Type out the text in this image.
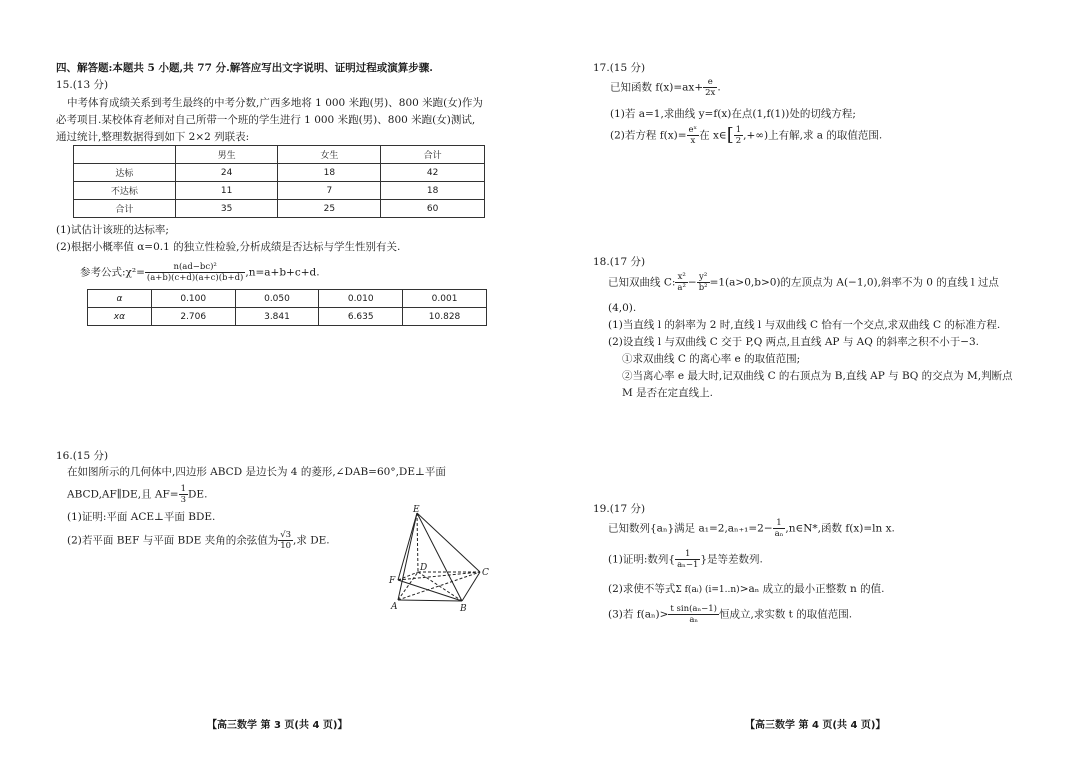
四、解答题:本题共 5 小题,共 77 分.解答应写出文字说明、证明过程或演算步骤.
15.(13 分)
中考体育成绩关系到考生最终的中考分数,广西多地将 1 000 米跑(男)、800 米跑(女)作为
必考项目.某校体育老师对自己所带一个班的学生进行 1 000 米跑(男)、800 米跑(女)测试,
通过统计,整理数据得到如下 2×2 列联表:
	男生	女生	合计
达标	24	18	42
不达标	11	7	18
合计	35	25	60
(1)试估计该班的达标率;
(2)根据小概率值 α=0.1 的独立性检验,分析成绩是否达标与学生性别有关.
参考公式:χ²= $\frac{\text{n(ad−bc)²}}{(a+b)(c+d)(a+c)(b+d)} ,n=a+b+c+d$.
α	0.100	0.050	0.010	0.001
xα	2.706	3.841	6.635	10.828
16.(15 分)
在如图所示的几何体中,四边形 ABCD 是边长为 4 的菱形,∠DAB=60°,DE⊥平面
ABCD,AF∥DE,且 $AF= \frac{1}{3}$ DE.
(1)证明:平面 ACE⊥平面 BDE.
(2)若平面 BEF 与平面 BDE 夹角的余弦值为 $\frac{√3}{10}$ ,求 DE.
E
D	C
F
A	B
【高三数学 第 3 页(共 4 页)】
17.(15 分)
已知函数 $f(x)=ax+ \frac{e}{2x}$ .
(1)若 a=1,求曲线 y=f(x)在点(1,f(1))处的切线方程;
(2)若方程 $f(x)= \frac{\text{eˣ}}{x}$ 在 x∈[ $\frac{1}{2}$ ,+∞)上有解,求 a 的取值范围.
18.(17 分)
已知双曲线 C: $\frac{\text{x²}}{\text{a²}} - \frac{\text{y²}}{\text{b²}} =1(a>0,b>0)$的左顶点为 A(−1,0),斜率不为 0 的直线 l 过点
(4,0).
(1)当直线 l 的斜率为 2 时,直线 l 与双曲线 C 恰有一个交点,求双曲线 C 的标准方程.
(2)设直线 l 与双曲线 C 交于 P,Q 两点,且直线 AP 与 AQ 的斜率之积不小于−3.
①求双曲线 C 的离心率 e 的取值范围;
②当离心率 e 最大时,记双曲线 C 的右顶点为 B,直线 AP 与 BQ 的交点为 M,判断点
M 是否在定直线上.
19.(17 分)
已知数列{aₙ}满足 $a_1=2,a_{n+1}=2- \frac{1}{\text{aₙ}}$ ,n∈N*,函数 f(x)=ln x.
(1)证明:数列{ $\frac{1}{\text{aₙ−1}}$ }是等差数列.
(2)求使不等式Σ f(aᵢ) (i=1..n)>aₙ 成立的最小正整数 n 的值.
(3)若 $f(a_n)> \frac{\text{t sin(aₙ−1)}}{\text{aₙ}}$ 恒成立,求实数 t 的取值范围.
【高三数学 第 4 页(共 4 页)】
